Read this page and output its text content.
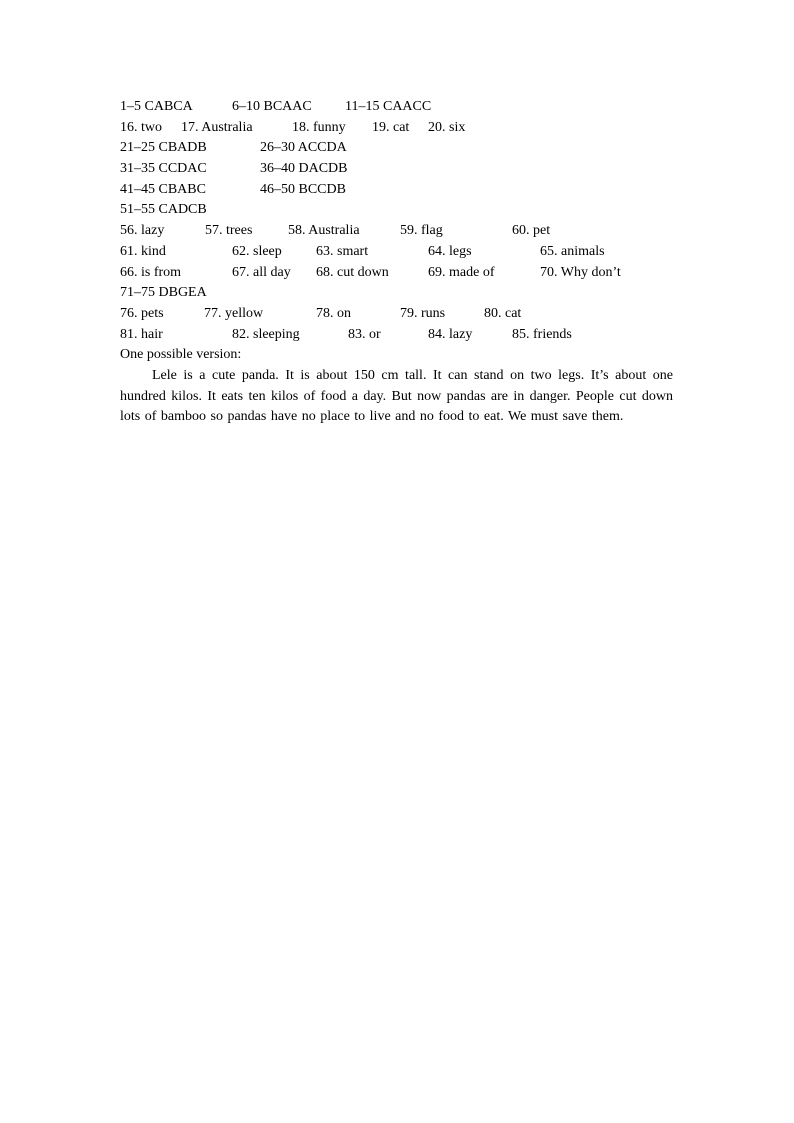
1–5 CABCA	6–10 BCAAC 11–15 CAACC
16. two 17. Australia	18. funny 19. cat 20. six
21–25 CBADB	26–30 ACCDA
31–35 CCDAC	36–40 DACDB
41–45 CBABC	46–50 BCCDB
51–55 CADCB
56. lazy	57. trees	58. Australia	59. flag	60. pet
61. kind	62. sleep 63. smart	64. legs	65. animals
66. is from	67. all day 68. cut down	69. made of	70. Why don’t
71–75 DBGEA
76. pets	77. yellow	78. on	79. runs	80. cat
81. hair	82. sleeping	83. or	84. lazy	85. friends
One possible version:

Lele is a cute panda. It is about 150 cm tall. It can stand on two legs. It’s about one hundred kilos. It eats ten kilos of food a day. But now pandas are in danger. People cut down lots of bamboo so pandas have no place to live and no food to eat. We must save them.
